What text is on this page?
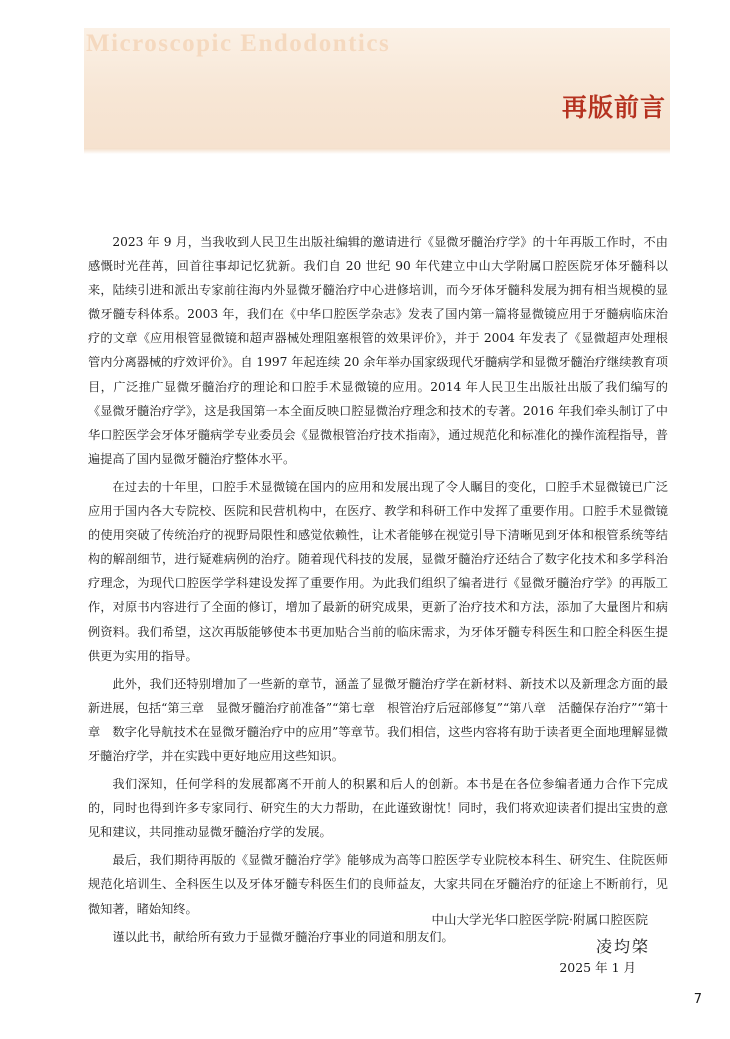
Microscopic Endodontics
再版前言

2023 年 9 月，当我收到人民卫生出版社编辑的邀请进行《显微牙髓治疗学》的十年再版工作时，不由感慨时光荏苒，回首往事却记忆犹新。我们自 20 世纪 90 年代建立中山大学附属口腔医院牙体牙髓科以来，陆续引进和派出专家前往海内外显微牙髓治疗中心进修培训，而今牙体牙髓科发展为拥有相当规模的显微牙髓专科体系。2003 年，我们在《中华口腔医学杂志》发表了国内第一篇将显微镜应用于牙髓病临床治疗的文章《应用根管显微镜和超声器械处理阻塞根管的效果评价》，并于 2004 年发表了《显微超声处理根管内分离器械的疗效评价》。自 1997 年起连续 20 余年举办国家级现代牙髓病学和显微牙髓治疗继续教育项目，广泛推广显微牙髓治疗的理论和口腔手术显微镜的应用。2014 年人民卫生出版社出版了我们编写的《显微牙髓治疗学》，这是我国第一本全面反映口腔显微治疗理念和技术的专著。2016 年我们牵头制订了中华口腔医学会牙体牙髓病学专业委员会《显微根管治疗技术指南》，通过规范化和标准化的操作流程指导，普遍提高了国内显微牙髓治疗整体水平。

在过去的十年里，口腔手术显微镜在国内的应用和发展出现了令人瞩目的变化，口腔手术显微镜已广泛应用于国内各大专院校、医院和民营机构中，在医疗、教学和科研工作中发挥了重要作用。口腔手术显微镜的使用突破了传统治疗的视野局限性和感觉依赖性，让术者能够在视觉引导下清晰见到牙体和根管系统等结构的解剖细节，进行疑难病例的治疗。随着现代科技的发展，显微牙髓治疗还结合了数字化技术和多学科治疗理念，为现代口腔医学学科建设发挥了重要作用。为此我们组织了编者进行《显微牙髓治疗学》的再版工作，对原书内容进行了全面的修订，增加了最新的研究成果，更新了治疗技术和方法，添加了大量图片和病例资料。我们希望，这次再版能够使本书更加贴合当前的临床需求，为牙体牙髓专科医生和口腔全科医生提供更为实用的指导。

此外，我们还特别增加了一些新的章节，涵盖了显微牙髓治疗学在新材料、新技术以及新理念方面的最新进展，包括“第三章　显微牙髓治疗前准备”“第七章　根管治疗后冠部修复”“第八章　活髓保存治疗”“第十章　数字化导航技术在显微牙髓治疗中的应用”等章节。我们相信，这些内容将有助于读者更全面地理解显微牙髓治疗学，并在实践中更好地应用这些知识。

我们深知，任何学科的发展都离不开前人的积累和后人的创新。本书是在各位参编者通力合作下完成的，同时也得到许多专家同行、研究生的大力帮助，在此谨致谢忱！同时，我们将欢迎读者们提出宝贵的意见和建议，共同推动显微牙髓治疗学的发展。

最后，我们期待再版的《显微牙髓治疗学》能够成为高等口腔医学专业院校本科生、研究生、住院医师规范化培训生、全科医生以及牙体牙髓专科医生们的良师益友，大家共同在牙髓治疗的征途上不断前行，见微知著，睹始知终。

谨以此书，献给所有致力于显微牙髓治疗事业的同道和朋友们。

中山大学光华口腔医学院·附属口腔医院
凌均棨
2025 年 1 月
7
